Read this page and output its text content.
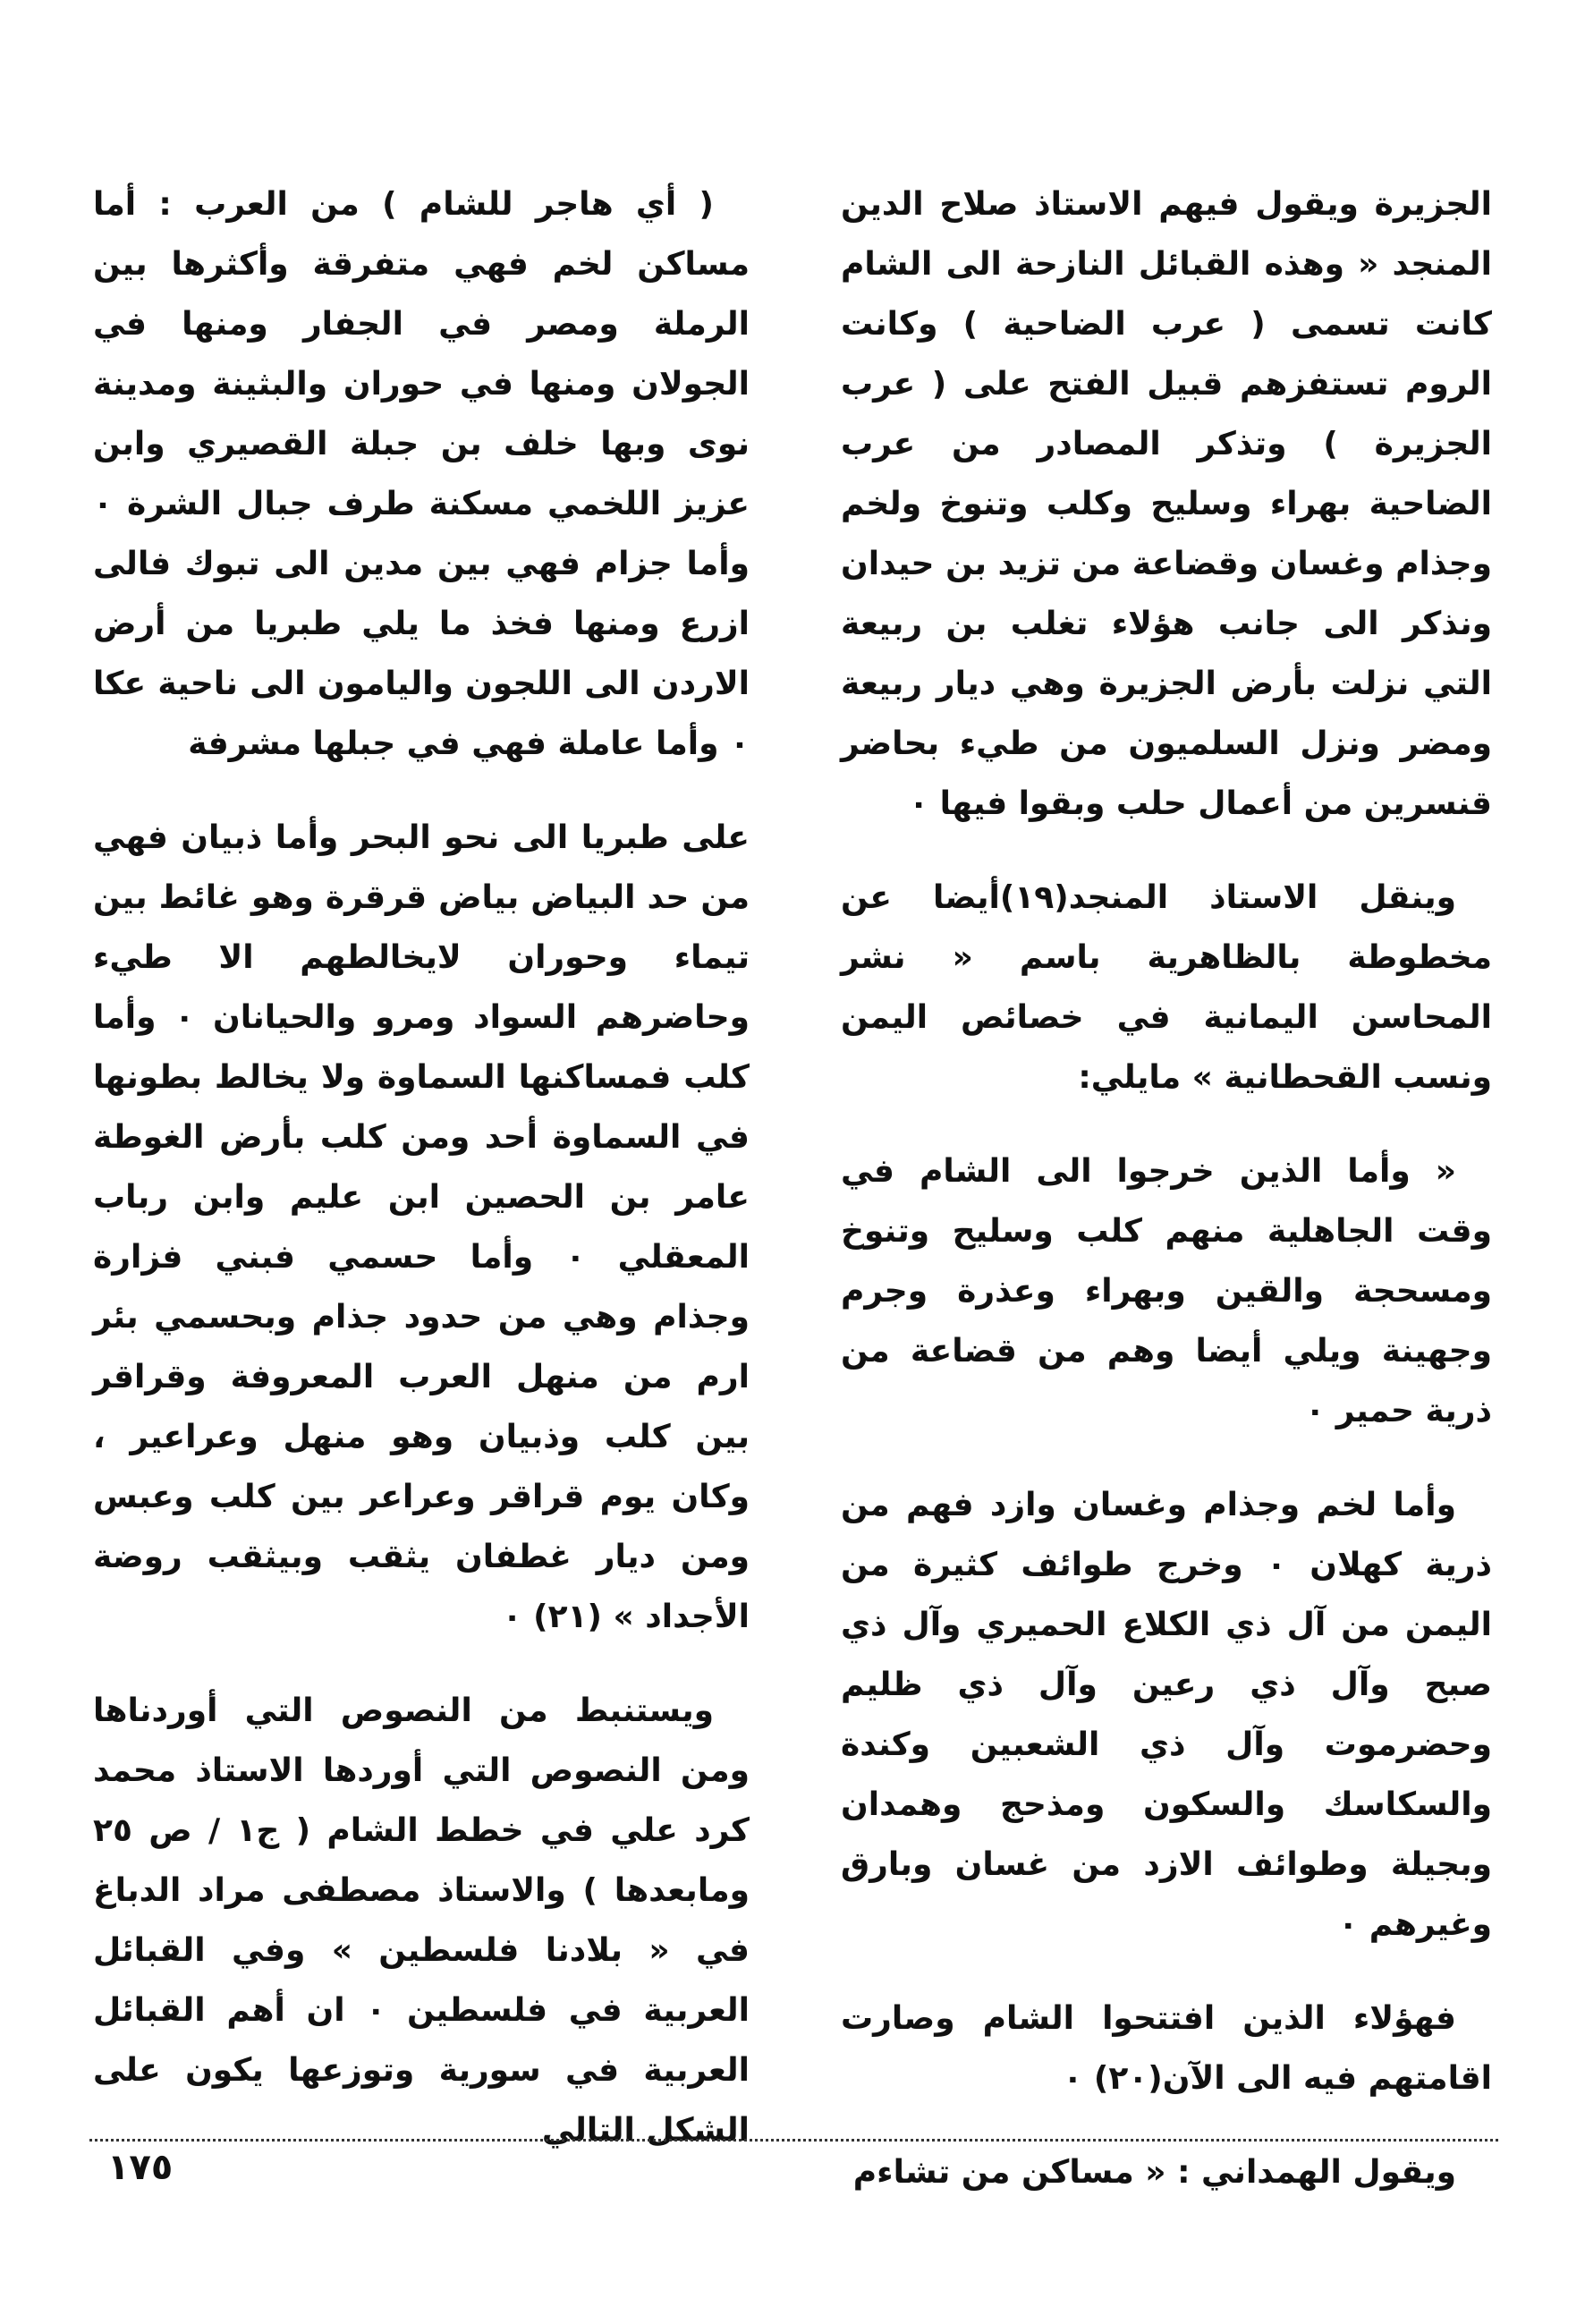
الجزيرة ويقول فيهم الاستاذ صلاح الدين المنجد « وهذه القبائل النازحة الى الشام كانت تسمى ( عرب الضاحية ) وكانت الروم تستفزهم قبيل الفتح على ( عرب الجزيرة ) وتذكر المصادر من عرب الضاحية بهراء وسليح وكلب وتنوخ ولخم وجذام وغسان وقضاعة من تزيد بن حيدان ونذكر الى جانب هؤلاء تغلب بن ربيعة التي نزلت بأرض الجزيرة وهي ديار ربيعة ومضر ونزل السلميون من طيء بحاضر قنسرين من أعمال حلب وبقوا فيها ٠

وينقل الاستاذ المنجد(١٩)أيضا عن مخطوطة بالظاهرية باسم « نشر المحاسن اليمانية في خصائص اليمن ونسب القحطانية » مايلي:

« وأما الذين خرجوا الى الشام في وقت الجاهلية منهم كلب وسليح وتنوخ ومسحجة والقين وبهراء وعذرة وجرم وجهينة ويلي أيضا وهم من قضاعة من ذرية حمير ٠

وأما لخم وجذام وغسان وازد فهم من ذرية كهلان ٠ وخرج طوائف كثيرة من اليمن من آل ذي الكلاع الحميري وآل ذي صبح وآل ذي رعين وآل ذي ظليم وحضرموت وآل ذي الشعبين وكندة والسكاسك والسكون ومذحج وهمدان وبجيلة وطوائف الازد من غسان وبارق وغيرهم ٠

فهؤلاء الذين افتتحوا الشام وصارت اقامتهم فيه الى الآن(٢٠) ٠

ويقول الهمداني : « مساكن من تشاءم

( أي هاجر للشام ) من العرب : أما مساكن لخم فهي متفرقة وأكثرها بين الرملة ومصر في الجفار ومنها في الجولان ومنها في حوران والبثينة ومدينة نوى وبها خلف بن جبلة القصيري وابن عزيز اللخمي مسكنة طرف جبال الشرة ٠ وأما جزام فهي بين مدين الى تبوك فالى ازرع ومنها فخذ ما يلي طبريا من أرض الاردن الى اللجون واليامون الى ناحية عكا ٠ وأما عاملة فهي في جبلها مشرفة

على طبريا الى نحو البحر وأما ذبيان فهي من حد البياض بياض قرقرة وهو غائط بين تيماء وحوران لايخالطهم الا طيء وحاضرهم السواد ومرو والحيانان ٠ وأما كلب فمساكنها السماوة ولا يخالط بطونها في السماوة أحد ومن كلب بأرض الغوطة عامر بن الحصين ابن عليم وابن رباب المعقلي ٠ وأما حسمي فبني فزارة وجذام وهي من حدود جذام وبحسمي بئر ارم من منهل العرب المعروفة وقراقر بين كلب وذبيان وهو منهل وعراعير ، وكان يوم قراقر وعراعر بين كلب وعبس ومن ديار غطفان يثقب وبيثقب روضة الأجداد » (٢١) ٠

ويستنبط من النصوص التي أوردناها ومن النصوص التي أوردها الاستاذ محمد كرد علي في خطط الشام ( ج١ / ص ٢٥ ومابعدها ) والاستاذ مصطفى مراد الدباغ في « بلادنا فلسطين » وفي القبائل العربية في فلسطين ٠ ان أهم القبائل العربية في سورية وتوزعها يكون على الشكل التالي

١٧٥
